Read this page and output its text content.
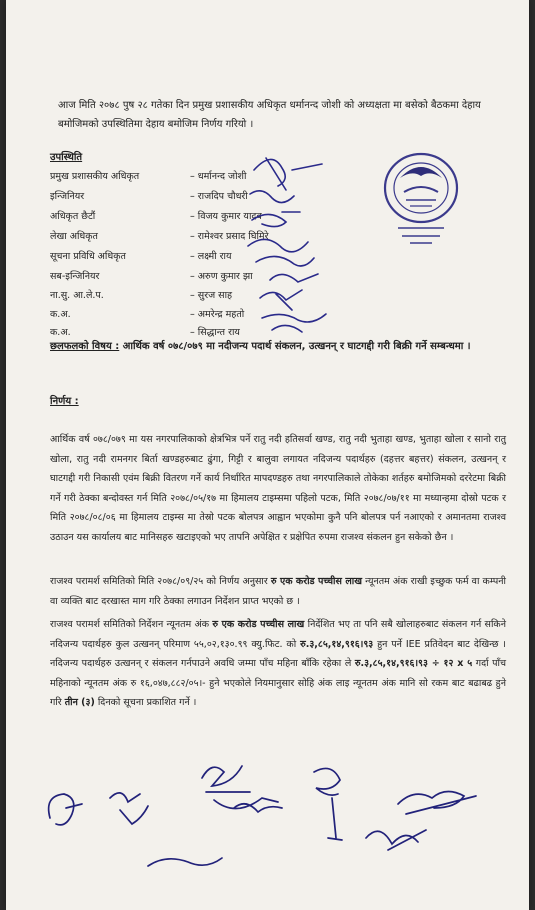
आज मिति २०७८ पुष २८ गतेका दिन प्रमुख प्रशासकीय अधिकृत धर्मानन्द जोशी को अध्यक्षता मा बसेको बैठकमा देहाय बमोजिमको उपस्थितिमा देहाय बमोजिम निर्णय गरियो ।
उपस्थिति
प्रमुख प्रशासकीय अधिकृत	– धर्मानन्द जोशी
इन्जिनियर	– राजदिप चौधरी
अधिकृत छैटौं	– विजय कुमार यादव
लेखा अधिकृत	– रामेश्वर प्रसाद घिमिरे
सूचना प्रविधि अधिकृत	– लक्ष्मी राय
सब-इन्जिनियर	– अरुण कुमार झा
ना.सु. आ.ले.प.	– सुरज साह
क.अ.	– अमरेन्द्र महतो
क.अ.	– सिद्धान्त राय
छलफलको विषय : आर्थिक वर्ष ०७८/०७९ मा नदीजन्य पदार्थ संकलन, उत्खनन् र घाटगद्दी गरी बिक्री गर्ने सम्बन्धमा ।
निर्णय :
आर्थिक वर्ष ०७८/०७९ मा यस नगरपालिकाको क्षेत्रभित्र पर्ने रातु नदी हतिसर्वा खण्ड, रातु नदी भुताहा खण्ड, भुताहा खोला र सानो रातु खोला, रातु नदी रामनगर बिर्ता खण्डहरुबाट ढुंगा, गिट्टी र बालुवा लगायत नदिजन्य पदार्थहरु (दहत्तर बहत्तर) संकलन, उत्खनन् र घाटगद्दी गरी निकासी एवंम बिक्री वितरण गर्ने कार्य निर्धारित मापदण्डहरु तथा नगरपालिकाले तोकेका शर्तहरु बमोजिमको दररेटमा बिक्री गर्ने गरी ठेक्का बन्दोवस्त गर्न मिति २०७८/०५/१७ मा हिमालय टाइम्समा पहिलो पटक, मिति २०७८/०७/११ मा मध्यान्हमा दोस्रो पटक र मिति २०७८/०८/०६ मा हिमालय टाइम्स मा तेस्रो पटक बोलपत्र आह्वान भएकोमा कुनै पनि बोलपत्र पर्न नआएको र अमानतमा राजश्व उठाउन यस कार्यालय बाट मानिसहरु खटाइएको भए तापनि अपेक्षित र प्रक्षेपित रुपमा राजश्व संकलन हुन सकेको छैन ।
राजश्व परामर्श समितिको मिति २०७८/०९/२५ को निर्णय अनुसार रु एक करोड पच्चीस लाख न्यूनतम अंक राखी इच्छुक फर्म वा कम्पनी वा व्यक्ति बाट दरखास्त माग गरि ठेक्का लगाउन निर्देशन प्राप्त भएको छ ।
राजश्व परामर्श समितिको निर्देशन न्यूनतम अंक रु एक करोड पच्चीस लाख निर्देशित भए ता पनि सबै खोलाहरुबाट संकलन गर्न सकिने नदिजन्य पदार्थहरु कुल उत्खनन् परिमाण ५५,०२,१३०.९९ क्यु.फिट. को रु.३,८५,१४,९१६।९३ हुन पर्ने IEE प्रतिवेदन बाट देखिन्छ । नदिजन्य पदार्थहरु उत्खनन् र संकलन गर्नपाउने अवधि जम्मा पाँच महिना बाँकि रहेका ले रु.३,८५,१४,९१६।९३ ÷ १२ x ५ गर्दा पाँच महिनाको न्यूनतम अंक रु १६,०४७,८८२/०५।- हुने भएकोले नियमानुसार सोहि अंक लाइ न्यूनतम अंक मानि सो रकम बाट बढाबढ हुने गरि तीन (३) दिनको सूचना प्रकाशित गर्ने ।
